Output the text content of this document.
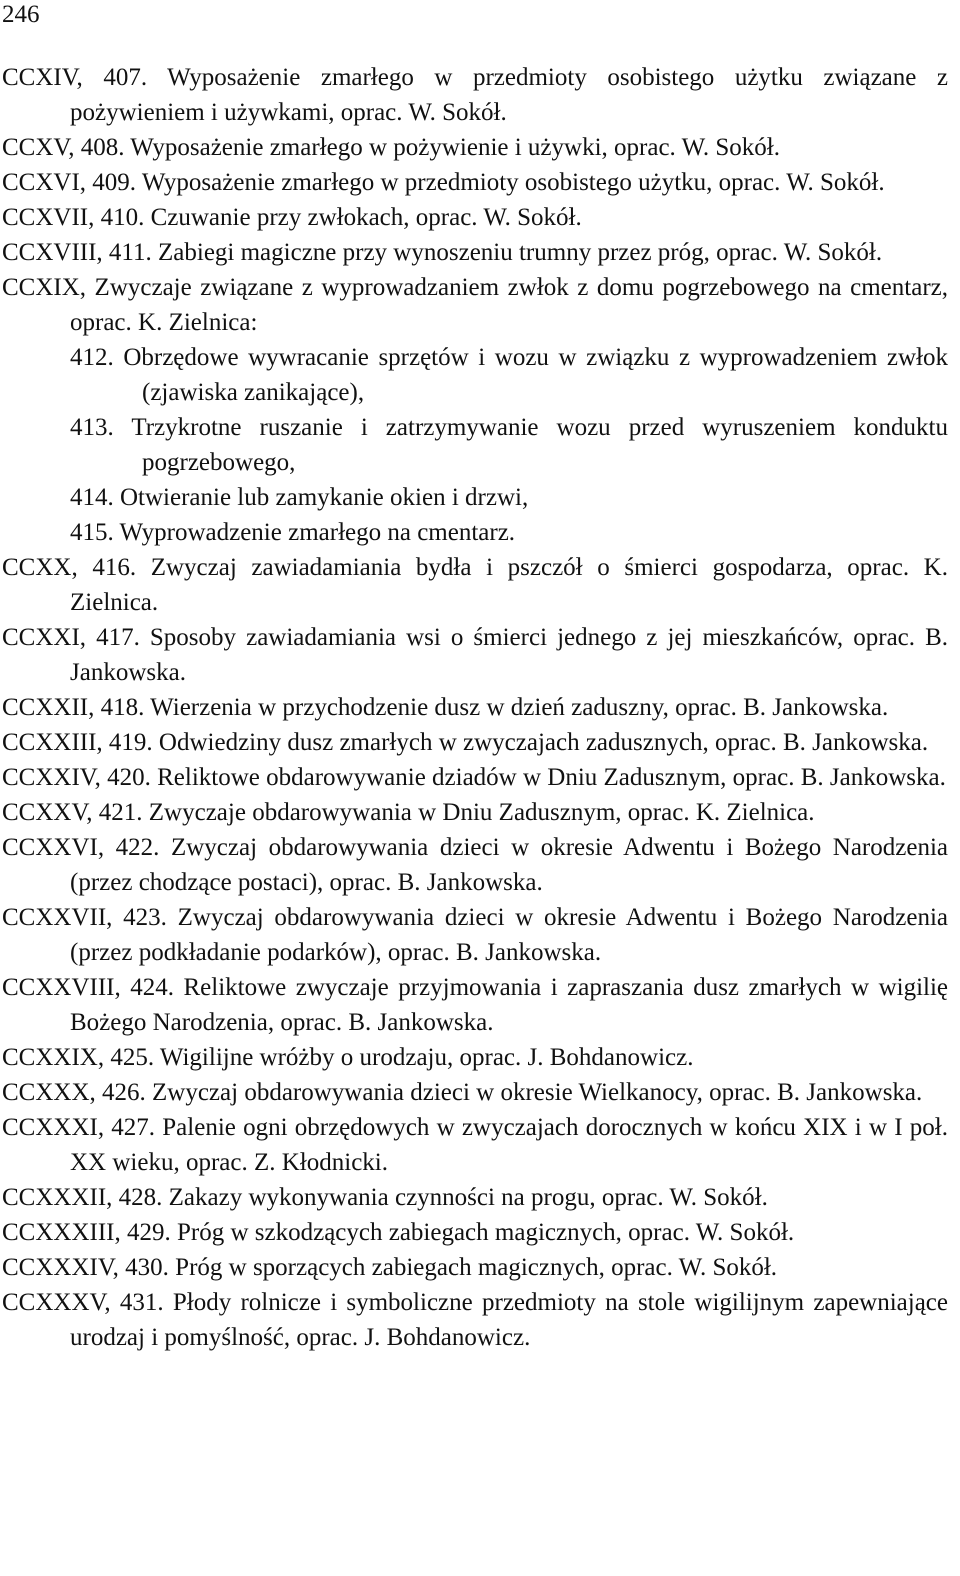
246

CCXIV, 407. Wyposażenie zmarłego w przedmioty osobistego użytku związane z pożywieniem i używkami, oprac. W. Sokół.

CCXV, 408. Wyposażenie zmarłego w pożywienie i używki, oprac. W. Sokół.

CCXVI, 409. Wyposażenie zmarłego w przedmioty osobistego użytku, oprac. W. Sokół.

CCXVII, 410. Czuwanie przy zwłokach, oprac. W. Sokół.

CCXVIII, 411. Zabiegi magiczne przy wynoszeniu trumny przez próg, oprac. W. Sokół.

CCXIX, Zwyczaje związane z wyprowadzaniem zwłok z domu pogrzebowego na cmentarz, oprac. K. Zielnica:

412. Obrzędowe wywracanie sprzętów i wozu w związku z wyprowadzeniem zwłok (zjawiska zanikające),

413. Trzykrotne ruszanie i zatrzymywanie wozu przed wyruszeniem konduktu pogrzebowego,

414. Otwieranie lub zamykanie okien i drzwi,

415. Wyprowadzenie zmarłego na cmentarz.

CCXX, 416. Zwyczaj zawiadamiania bydła i pszczół o śmierci gospodarza, oprac. K. Zielnica.

CCXXI, 417. Sposoby zawiadamiania wsi o śmierci jednego z jej mieszkańców, oprac. B. Jankowska.

CCXXII, 418. Wierzenia w przychodzenie dusz w dzień zaduszny, oprac. B. Jankowska.

CCXXIII, 419. Odwiedziny dusz zmarłych w zwyczajach zadusznych, oprac. B. Jankowska.

CCXXIV, 420. Reliktowe obdarowywanie dziadów w Dniu Zadusznym, oprac. B. Jankowska.

CCXXV, 421. Zwyczaje obdarowywania w Dniu Zadusznym, oprac. K. Zielnica.

CCXXVI, 422. Zwyczaj obdarowywania dzieci w okresie Adwentu i Bożego Narodzenia (przez chodzące postaci), oprac. B. Jankowska.

CCXXVII, 423. Zwyczaj obdarowywania dzieci w okresie Adwentu i Bożego Narodzenia (przez podkładanie podarków), oprac. B. Jankowska.

CCXXVIII, 424. Reliktowe zwyczaje przyjmowania i zapraszania dusz zmarłych w wigilię Bożego Narodzenia, oprac. B. Jankowska.

CCXXIX, 425. Wigilijne wróżby o urodzaju, oprac. J. Bohdanowicz.

CCXXX, 426. Zwyczaj obdarowywania dzieci w okresie Wielkanocy, oprac. B. Jankowska.

CCXXXI, 427. Palenie ogni obrzędowych w zwyczajach dorocznych w końcu XIX i w I poł. XX wieku, oprac. Z. Kłodnicki.

CCXXXII, 428. Zakazy wykonywania czynności na progu, oprac. W. Sokół.

CCXXXIII, 429. Próg w szkodzących zabiegach magicznych, oprac. W. Sokół.

CCXXXIV, 430. Próg w sporzących zabiegach magicznych, oprac. W. Sokół.

CCXXXV, 431. Płody rolnicze i symboliczne przedmioty na stole wigilijnym zapewniające urodzaj i pomyślność, oprac. J. Bohdanowicz.
